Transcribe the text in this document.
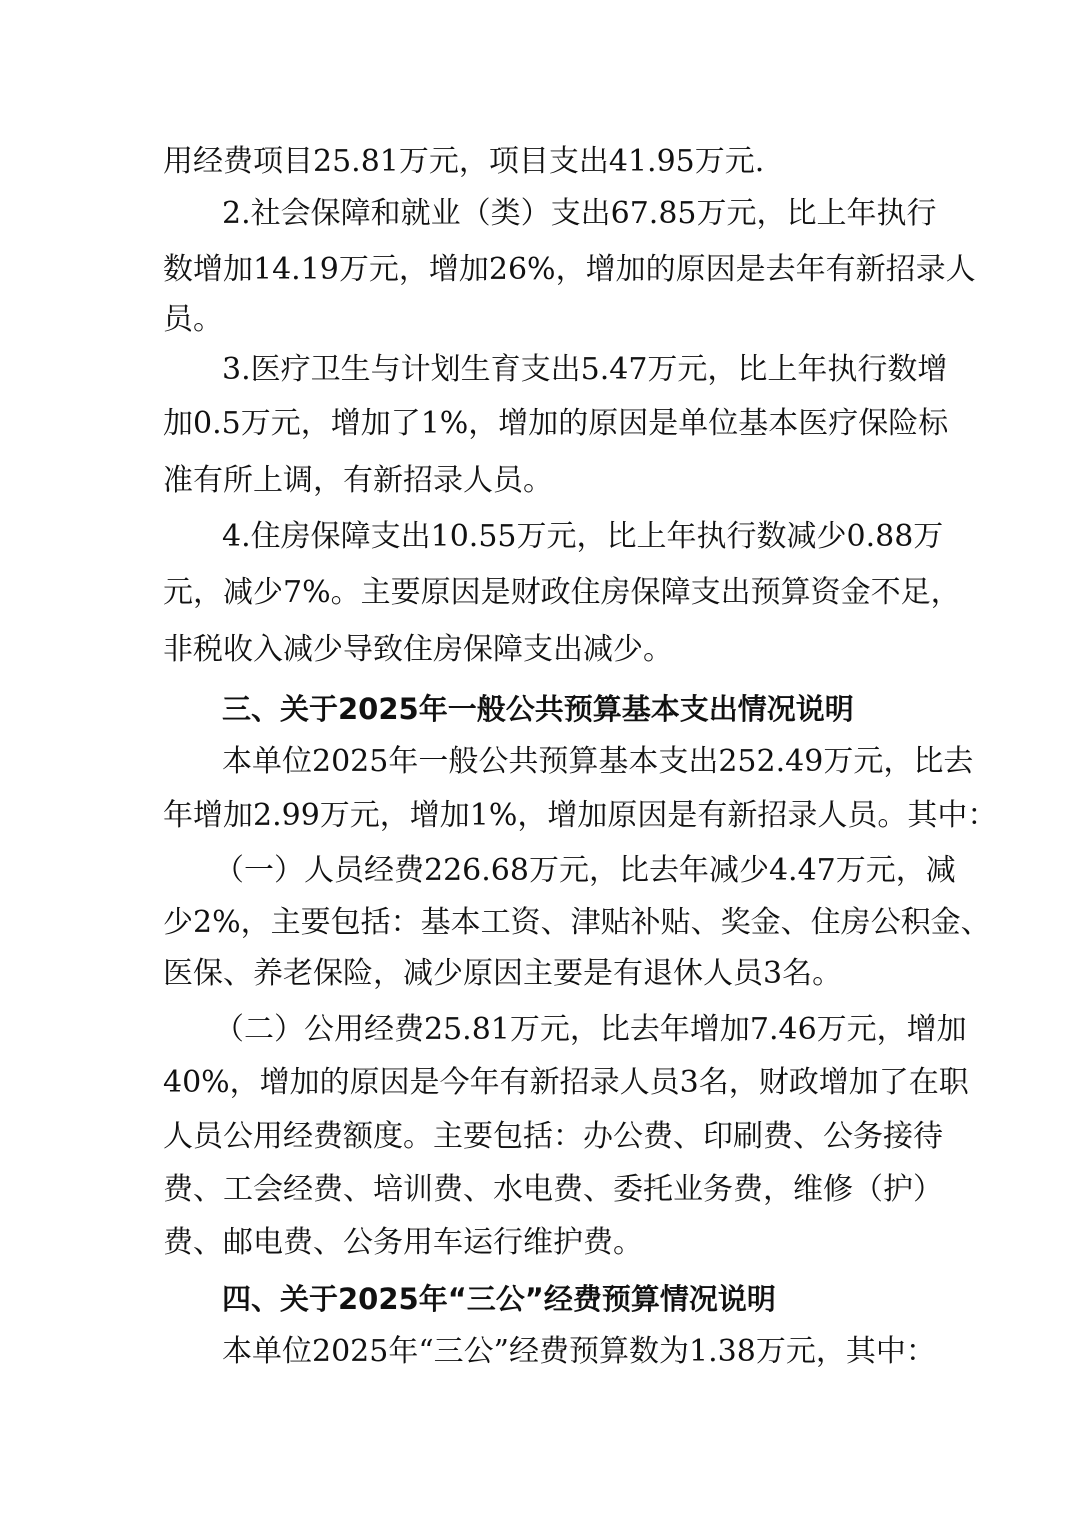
用经费项目25.81万元，项目支出41.95万元.
2.社会保障和就业（类）支出67.85万元，比上年执行
数增加14.19万元，增加26%，增加的原因是去年有新招录人
员。
3.医疗卫生与计划生育支出5.47万元，比上年执行数增
加0.5万元，增加了1%，增加的原因是单位基本医疗保险标
准有所上调，有新招录人员。
4.住房保障支出10.55万元，比上年执行数减少0.88万
元，减少7%。主要原因是财政住房保障支出预算资金不足，
非税收入减少导致住房保障支出减少。
三、关于2025年一般公共预算基本支出情况说明
本单位2025年一般公共预算基本支出252.49万元，比去
年增加2.99万元，增加1%，增加原因是有新招录人员。其中：
（一）人员经费226.68万元，比去年减少4.47万元，减
少2%，主要包括：基本工资、津贴补贴、奖金、住房公积金、
医保、养老保险，减少原因主要是有退休人员3名。
（二）公用经费25.81万元，比去年增加7.46万元，增加
40%，增加的原因是今年有新招录人员3名，财政增加了在职
人员公用经费额度。主要包括：办公费、印刷费、公务接待
费、工会经费、培训费、水电费、委托业务费，维修（护）
费、邮电费、公务用车运行维护费。
四、关于2025年“三公”经费预算情况说明
本单位2025年“三公”经费预算数为1.38万元，其中：
